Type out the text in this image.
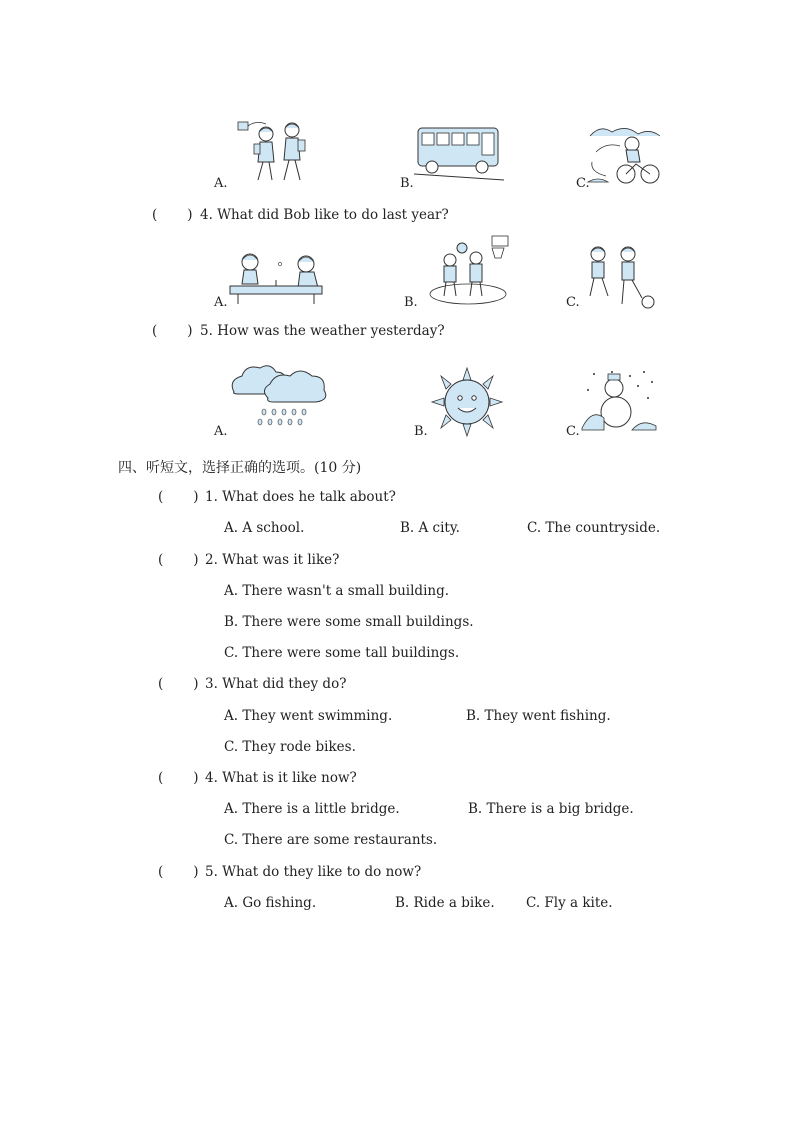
A.	B.	C.
(       ) 4. What did Bob like to do last year?
A.	B.	C.
(       ) 5. How was the weather yesterday?
A.	B.	C.
四、听短文，选择正确的选项。(10 分)
(       ) 1. What does he talk about?
A. A school.	B. A city.	C. The countryside.
(       ) 2. What was it like?
A. There wasn't a small building.
B. There were some small buildings.
C. There were some tall buildings.
(       ) 3. What did they do?
A. They went swimming.	B. They went fishing.
C. They rode bikes.
(       ) 4. What is it like now?
A. There is a little bridge.	B. There is a big bridge.
C. There are some restaurants.
(       ) 5. What do they like to do now?
A. Go fishing.	B. Ride a bike. C. Fly a kite.
